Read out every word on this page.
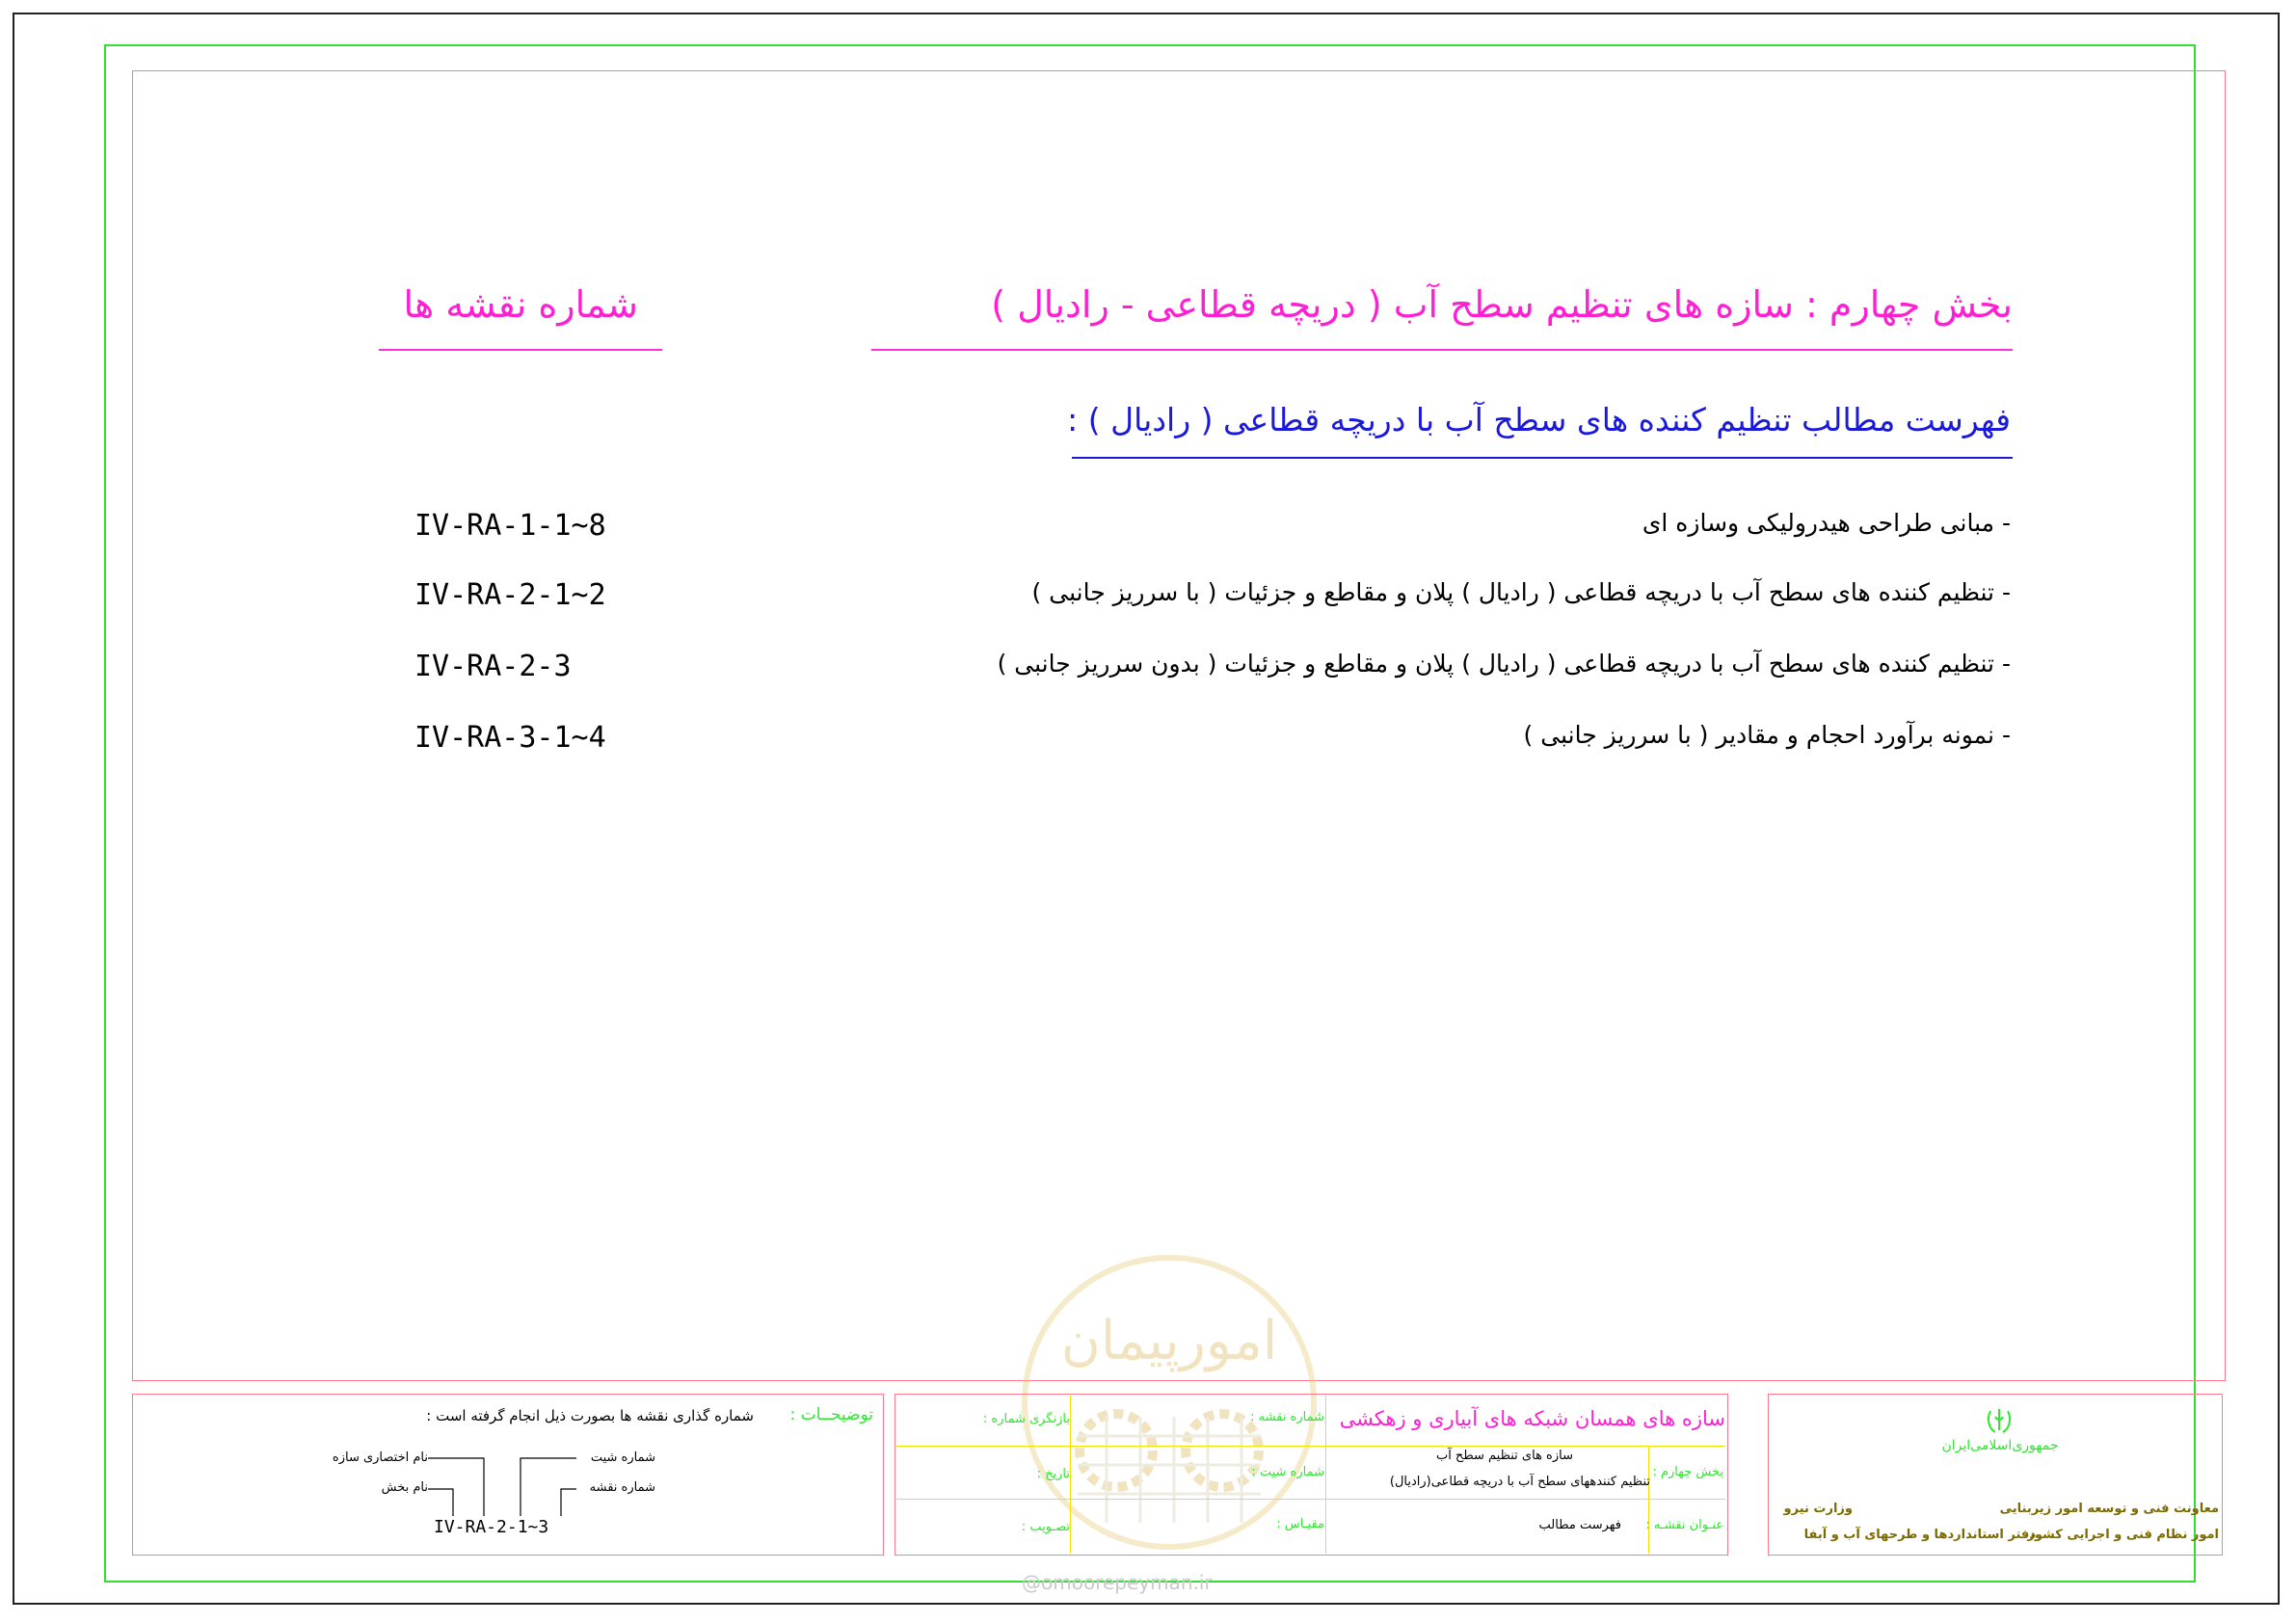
بخش چهارم : سازه های تنظیم سطح آب ( دریچه قطاعی - رادیال )
شماره نقشه ها
فهرست مطالب تنظیم کننده های سطح آب با دریچه قطاعی ( رادیال ) :
- مبانی طراحی هیدرولیکی وسازه ای
IV-RA-1-1~8
- تنظیم کننده های سطح آب با دریچه قطاعی ( رادیال ) پلان و مقاطع و جزئیات ( با سرریز جانبی )
IV-RA-2-1~2
- تنظیم کننده های سطح آب با دریچه قطاعی ( رادیال ) پلان و مقاطع و جزئیات ( بدون سرریز جانبی )
IV-RA-2-3
- نمونه برآورد احجام و مقادیر ( با سرریز جانبی )
IV-RA-3-1~4
امورپیمان
@omoorepeyman.ir
توضیحــات :
شماره گذاری نقشه ها بصورت ذیل انجام گرفته است :
نام اختصاری سازه
نام بخش
شماره شیت
شماره نقشه
IV-RA-2-1~3
سازه های همسان شبکه های آبیاری و زهکشی
شماره نقشه :
بازنگری شماره :
شماره شیت :
تاریخ :
مقیـاس :
تصـویب :
بخش چهارم :
سازه های تنظیم سطح آب
تنظیم کنندههای سطح آب با دریچه قطاعی(رادیال)
عنـوان نقشـه :
فهرست مطالب
جمهوری‌اسلامی‌ایران
معاونت فنی و توسعه امور زیربنایی
امور نظام فنی و اجرایی کشور
وزارت نیرو
دفتر استانداردها و طرحهای آب و آبفا
